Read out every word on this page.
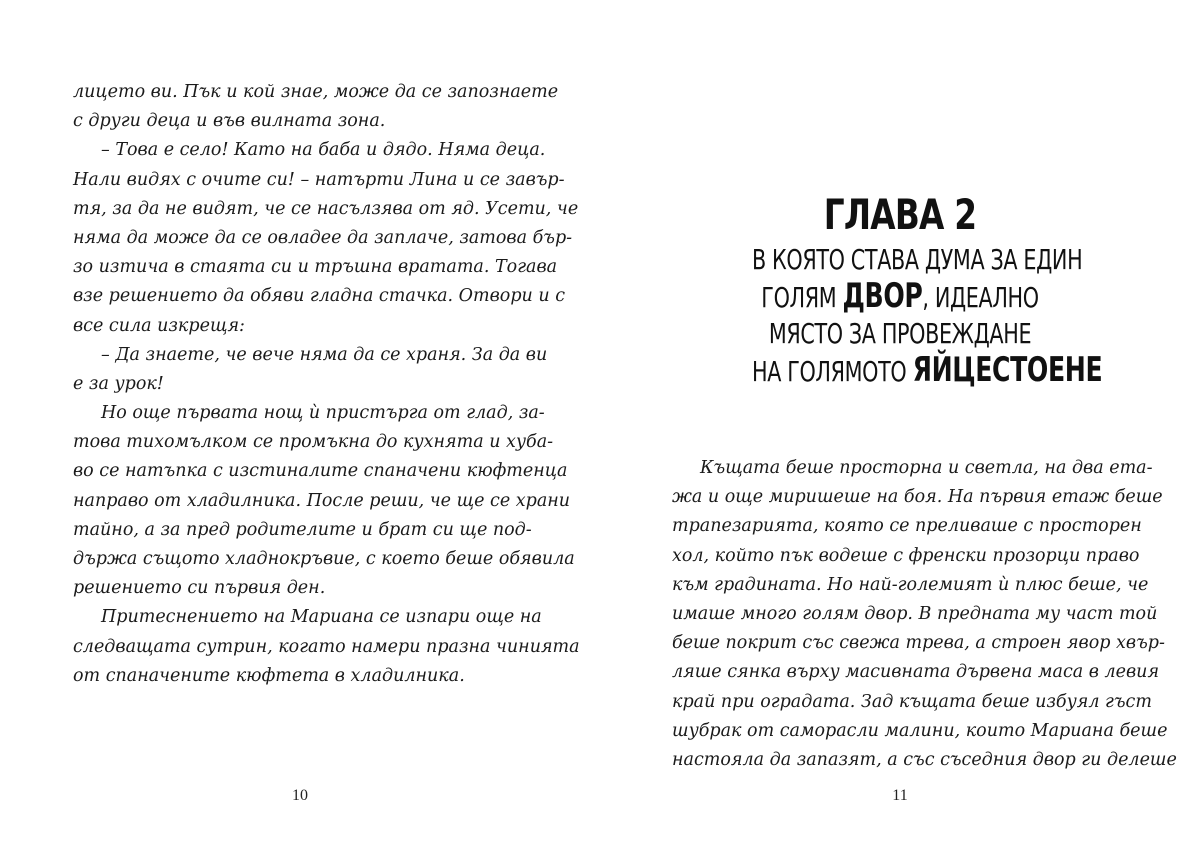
лицето ви. Пък и кой знае, може да се запознаете
с други деца и във вилната зона.
– Това е село! Като на баба и дядо. Няма деца.
Нали видях с очите си! – натърти Лина и се завър-
тя, за да не видят, че се насълзява от яд. Усети, че
няма да може да се овладее да заплаче, затова бър-
зо изтича в стаята си и тръшна вратата. Тогава
взе решението да обяви гладна стачка. Отвори и с
все сила изкрещя:
– Да знаете, че вече няма да се храня. За да ви
е за урок!
Но още първата нощ ѝ пристърга от глад, за-
това тихомълком се промъкна до кухнята и хуба-
во се натъпка с изстиналите спаначени кюфтенца
направо от хладилника. После реши, че ще се храни
тайно, а за пред родителите и брат си ще под-
държа същото хладнокръвие, с което беше обявила
решението си първия ден.
Притеснението на Мариана се изпари още на
следващата сутрин, когато намери празна чинията
от спаначените кюфтета в хладилника.
10
ГЛАВА 2
В КОЯТО СТАВА ДУМА ЗА ЕДИН
ГОЛЯМ ДВОР, ИДЕАЛНО
МЯСТО ЗА ПРОВЕЖДАНЕ
НА ГОЛЯМОТО ЯЙЦЕСТОЕНЕ
Къщата беше просторна и светла, на два ета-
жа и още миришеше на боя. На първия етаж беше
трапезарията, която се преливаше с просторен
хол, който пък водеше с френски прозорци право
към градината. Но най-големият ѝ плюс беше, че
имаше много голям двор. В предната му част той
беше покрит със свежа трева, а строен явор хвър-
ляше сянка върху масивната дървена маса в левия
край при оградата. Зад къщата беше избуял гъст
шубрак от саморасли малини, които Мариана беше
настояла да запазят, а със съседния двор ги делеше
11
